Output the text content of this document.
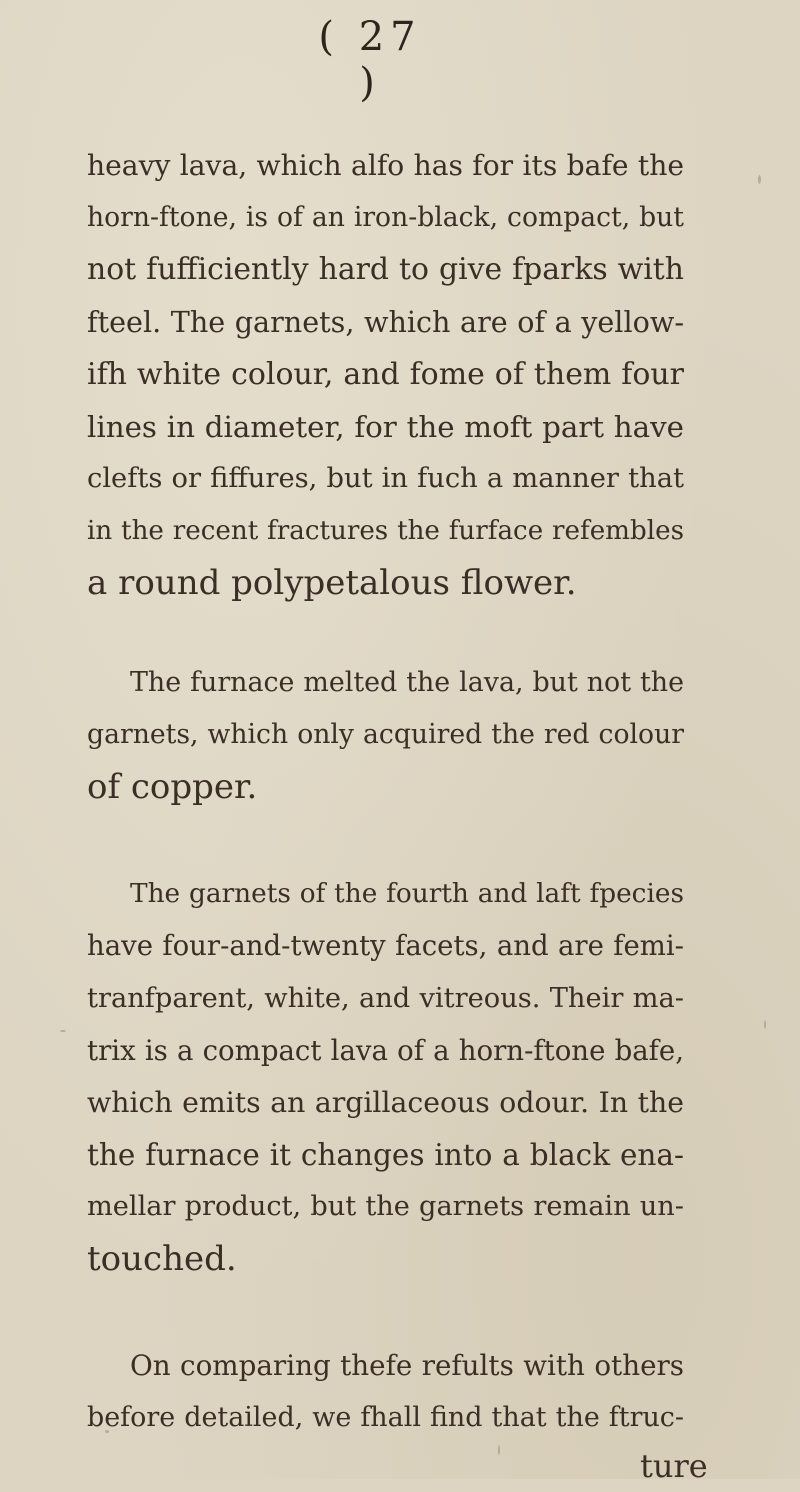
( 27 )
heavy lava, which alfo has for its bafe the
horn-ftone, is of an iron-black, compact, but
not fufficiently hard to give fparks with
fteel. The garnets, which are of a yellow-
ifh white colour, and fome of them four
lines in diameter, for the moft part have
clefts or fiffures, but in fuch a manner that
in the recent fractures the furface refembles
a round polypetalous flower.
The furnace melted the lava, but not the
garnets, which only acquired the red colour
of copper.
The garnets of the fourth and laft fpecies
have four-and-twenty facets, and are femi-
tranfparent, white, and vitreous. Their ma-
trix is a compact lava of a horn-ftone bafe,
which emits an argillaceous odour. In the
the furnace it changes into a black ena-
mellar product, but the garnets remain un-
touched.
On comparing thefe refults with others
before detailed, we fhall find that the ftruc-
ture
